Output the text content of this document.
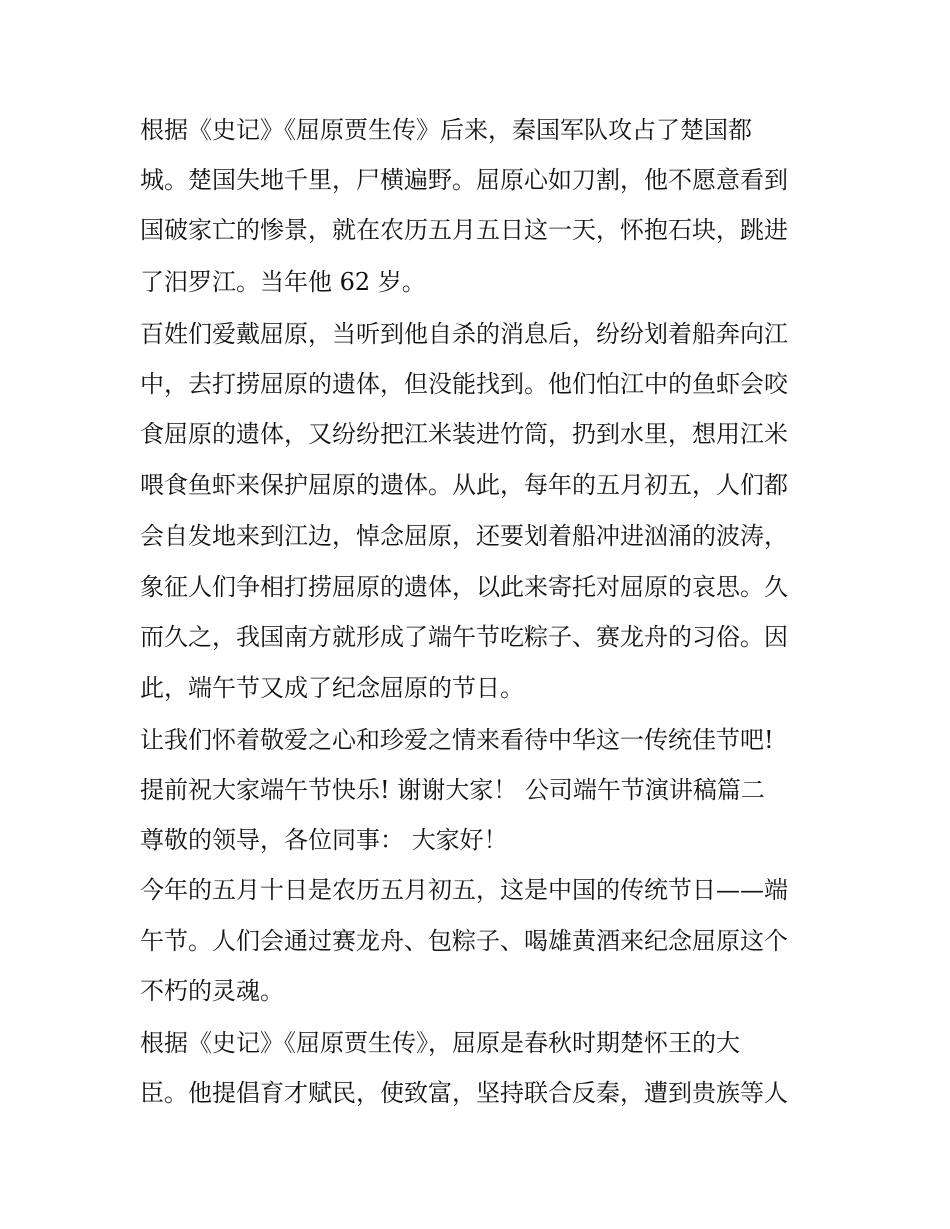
根据《史记》《屈原贾生传》后来，秦国军队攻占了楚国都
城。楚国失地千里，尸横遍野。屈原心如刀割，他不愿意看到
国破家亡的惨景，就在农历五月五日这一天，怀抱石块，跳进
了汨罗江。当年他 62 岁。
百姓们爱戴屈原，当听到他自杀的消息后，纷纷划着船奔向江
中，去打捞屈原的遗体，但没能找到。他们怕江中的鱼虾会咬
食屈原的遗体，又纷纷把江米装进竹筒，扔到水里，想用江米
喂食鱼虾来保护屈原的遗体。从此，每年的五月初五，人们都
会自发地来到江边，悼念屈原，还要划着船冲进汹涌的波涛，
象征人们争相打捞屈原的遗体，以此来寄托对屈原的哀思。久
而久之，我国南方就形成了端午节吃粽子、赛龙舟的习俗。因
此，端午节又成了纪念屈原的节日。
让我们怀着敬爱之心和珍爱之情来看待中华这一传统佳节吧!
提前祝大家端午节快乐! 谢谢大家！ 公司端午节演讲稿篇二
尊敬的领导，各位同事： 大家好！
今年的五月十日是农历五月初五，这是中国的传统节日——端
午节。人们会通过赛龙舟、包粽子、喝雄黄酒来纪念屈原这个
不朽的灵魂。
根据《史记》《屈原贾生传》，屈原是春秋时期楚怀王的大
臣。他提倡育才赋民，使致富，坚持联合反秦，遭到贵族等人
